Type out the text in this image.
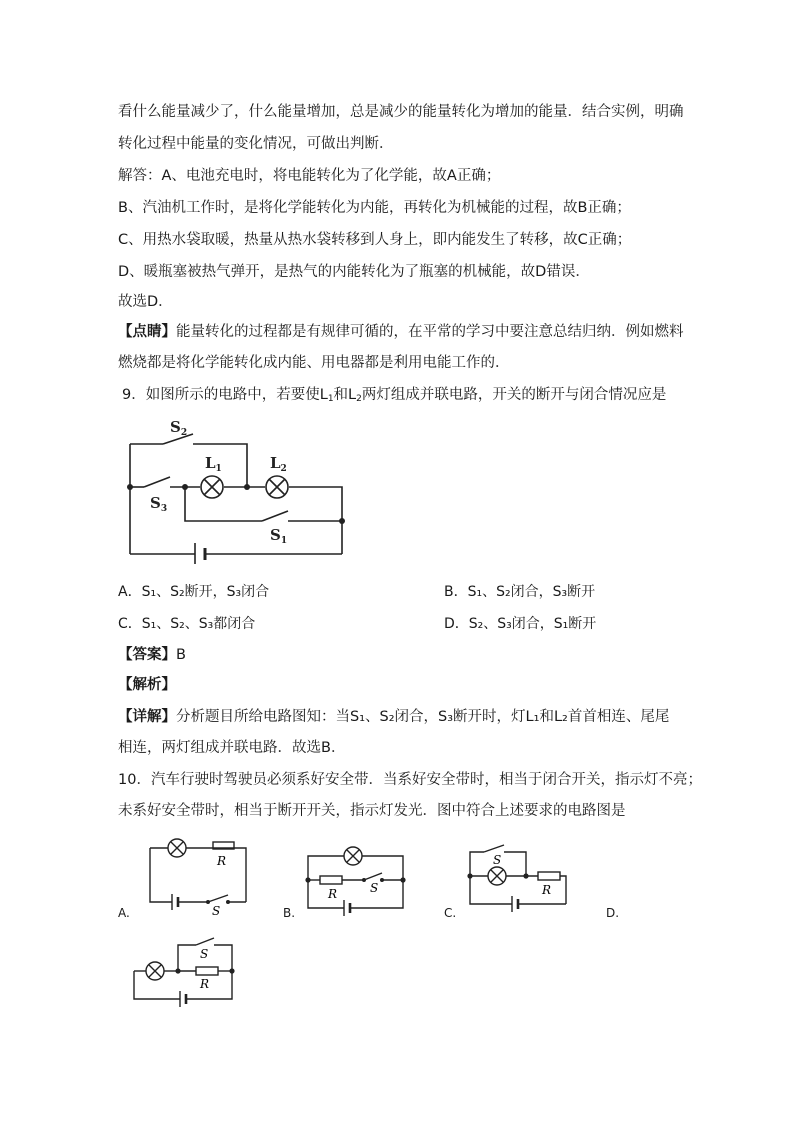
看什么能量减少了，什么能量增加，总是减少的能量转化为增加的能量．结合实例，明确
转化过程中能量的变化情况，可做出判断．
解答：A、电池充电时，将电能转化为了化学能，故A正确；
B、汽油机工作时，是将化学能转化为内能，再转化为机械能的过程，故B正确；
C、用热水袋取暖，热量从热水袋转移到人身上，即内能发生了转移，故C正确；
D、暖瓶塞被热气弹开，是热气的内能转化为了瓶塞的机械能，故D错误．
故选D．
【点睛】能量转化的过程都是有规律可循的，在平常的学习中要注意总结归纳．例如燃料
燃烧都是将化学能转化成内能、用电器都是利用电能工作的．
9．如图所示的电路中，若要使$L_1$和$L_2$两灯组成并联电路，开关的断开与闭合情况应是
$S_2$
$S_3$
$L_1$	$L_2$
$S_1$
A．S₁、S₂断开，S₃闭合	B．S₁、S₂闭合，S₃断开
C．S₁、S₂、S₃都闭合	D．S₂、S₃闭合，S₁断开
【答案】B
【解析】
【详解】分析题目所给电路图知：当S₁、S₂闭合，S₃断开时，灯L₁和L₂首首相连、尾尾
相连，两灯组成并联电路．故选B．
10．汽车行驶时驾驶员必须系好安全带．当系好安全带时，相当于闭合开关，指示灯不亮；
未系好安全带时，相当于断开开关，指示灯发光．图中符合上述要求的电路图是
R
S
A.
R	S
B.
S
R
C.	D.
S
R
